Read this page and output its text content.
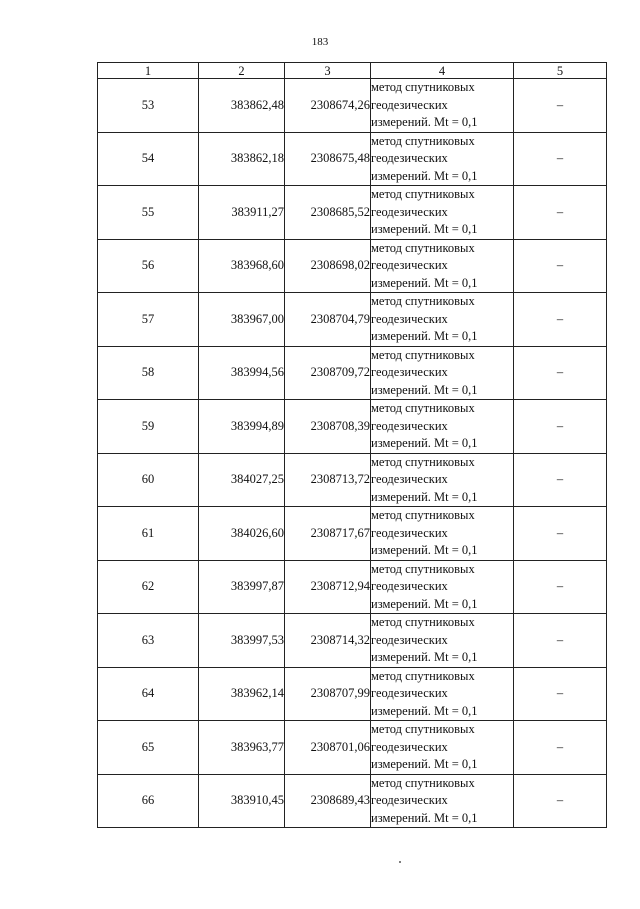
183
1	2	3	4	5
53	383862,48	2308674,26	метод спутниковых
геодезических
измерений. Mt = 0,1	–
54	383862,18	2308675,48	метод спутниковых
геодезических
измерений. Mt = 0,1	–
55	383911,27	2308685,52	метод спутниковых
геодезических
измерений. Mt = 0,1	–
56	383968,60	2308698,02	метод спутниковых
геодезических
измерений. Mt = 0,1	–
57	383967,00	2308704,79	метод спутниковых
геодезических
измерений. Mt = 0,1	–
58	383994,56	2308709,72	метод спутниковых
геодезических
измерений. Mt = 0,1	–
59	383994,89	2308708,39	метод спутниковых
геодезических
измерений. Mt = 0,1	–
60	384027,25	2308713,72	метод спутниковых
геодезических
измерений. Mt = 0,1	–
61	384026,60	2308717,67	метод спутниковых
геодезических
измерений. Mt = 0,1	–
62	383997,87	2308712,94	метод спутниковых
геодезических
измерений. Mt = 0,1	–
63	383997,53	2308714,32	метод спутниковых
геодезических
измерений. Mt = 0,1	–
64	383962,14	2308707,99	метод спутниковых
геодезических
измерений. Mt = 0,1	–
65	383963,77	2308701,06	метод спутниковых
геодезических
измерений. Mt = 0,1	–
66	383910,45	2308689,43	метод спутниковых
геодезических
измерений. Mt = 0,1	–
